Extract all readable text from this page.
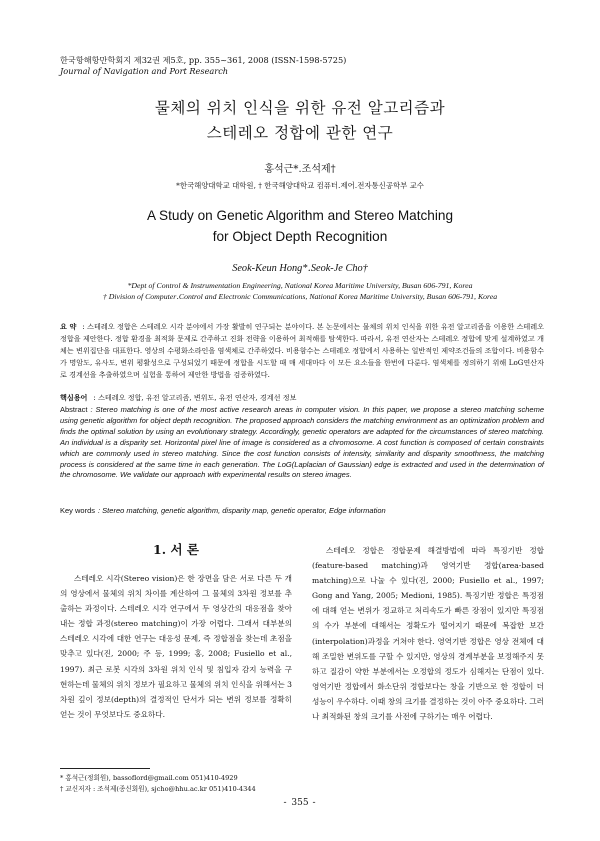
한국항해항만학회지 제32권 제5호, pp. 355~361, 2008 (ISSN-1598-5725)
Journal of Navigation and Port Research
물체의 위치 인식을 위한 유전 알고리즘과
스테레오 정합에 관한 연구
홍석근*․조석제†
*한국해양대학교 대학원, † 한국해양대학교 컴퓨터․제어․전자통신공학부 교수
A Study on Genetic Algorithm and Stereo Matching
for Object Depth Recognition
Seok-Keun Hong*․Seok-Je Cho†
*Dept of Control & Instrumentation Engineering, National Korea Maritime University, Busan 606-791, Korea
† Division of Computer․Control and Electronic Communications, National Korea Maritime University, Busan 606-791, Korea
요 약 : 스테레오 정합은 스테레오 시각 분야에서 가장 활발히 연구되는 분야이다. 본 논문에서는 물체의 위치 인식을 위한 유전 알고리즘을 이용한 스테레오 정합을 제안한다. 정합 환경을 최적화 문제로 간주하고 진화 전략을 이용하여 최적해를 탐색한다. 따라서, 유전 연산자는 스테레오 정합에 맞게 설계하였고 개체는 변위집단을 대표한다. 영상의 수평화소라인을 염색체로 간주하였다. 비용함수는 스테레오 정합에서 사용하는 일반적인 제약조건들의 조합이다. 비용함수가 명암도, 유사도, 변위 평활성으로 구성되었기 때문에 정합을 시도할 때 매 세대마다 이 모든 요소들을 한번에 다룬다. 염색체를 정의하기 위해 LoG연산자로 경계선을 추출하였으며 실험을 통하여 제안한 방법을 검증하였다.
핵심용어 : 스테레오 정합, 유전 알고리즘, 변위도, 유전 연산자, 경계선 정보
Abstract : Stereo matching is one of the most active research areas in computer vision. In this paper, we propose a stereo matching scheme using genetic algorithm for object depth recognition. The proposed approach considers the matching environment as an optimization problem and finds the optimal solution by using an evolutionary strategy. Accordingly, genetic operators are adapted for the circumstances of stereo matching. An individual is a disparity set. Horizontal pixel line of image is considered as a chromosome. A cost function is composed of certain constraints which are commonly used in stereo matching. Since the cost function consists of intensity, similarity and disparity smoothness, the matching process is considered at the same time in each generation. The LoG(Laplacian of Gaussian) edge is extracted and used in the determination of the chromosome. We validate our approach with experimental results on stereo images.
Key words : Stereo matching, genetic algorithm, disparity map, genetic operator, Edge information
1. 서 론
스테레오 시각(Stereo vision)은 한 장면을 담은 서로 다른 두 개의 영상에서 물체의 위치 차이를 계산하여 그 물체의 3차원 정보를 추출하는 과정이다. 스테레오 시각 연구에서 두 영상간의 대응점을 찾아내는 정합 과정(stereo matching)이 가장 어렵다. 그래서 대부분의 스테레오 시각에 대한 연구는 대응성 문제, 즉 정합점을 찾는데 초점을 맞추고 있다(진, 2000; 주 등, 1999; 홍, 2008; Fusiello et al., 1997). 최근 로봇 시각의 3차원 위치 인식 및 침입자 감지 능력을 구현하는데 물체의 위치 정보가 필요하고 물체의 위치 인식을 위해서는 3차원 깊이 정보(depth)의 결정적인 단서가 되는 변위 정보를 정확히 얻는 것이 무엇보다도 중요하다.

스테레오 정합은 정합문제 해결방법에 따라 특징기반 정합(feature-based matching)과 영역기반 정합(area-based matching)으로 나눌 수 있다(진, 2000; Fusiello et al., 1997; Gong and Yang, 2005; Medioni, 1985). 특징기반 정합은 특정점에 대해 얻는 변위가 정교하고 처리속도가 빠른 장점이 있지만 특징점의 수가 부분에 대해서는 정확도가 떨어지기 때문에 복잡한 보간(interpolation)과정을 거쳐야 한다. 영역기반 정합은 영상 전체에 대해 조밀한 변위도를 구할 수 있지만, 영상의 경계부분을 보정해주지 못하고 질감이 약한 부분에서는 오정합의 정도가 심해지는 단점이 있다. 영역기반 정합에서 화소단위 정합보다는 창을 기반으로 한 정합이 더 성능이 우수하다. 이때 창의 크기를 결정하는 것이 아주 중요하다. 그러나 최적화된 창의 크기를 사전에 구하기는 매우 어렵다.

* 홍석근(정회원), bassoflord@gmail.com 051)410-4929
† 교신저자 : 조석제(종신회원), sjcho@hhu.ac.kr 051)410-4344
- 355 -
